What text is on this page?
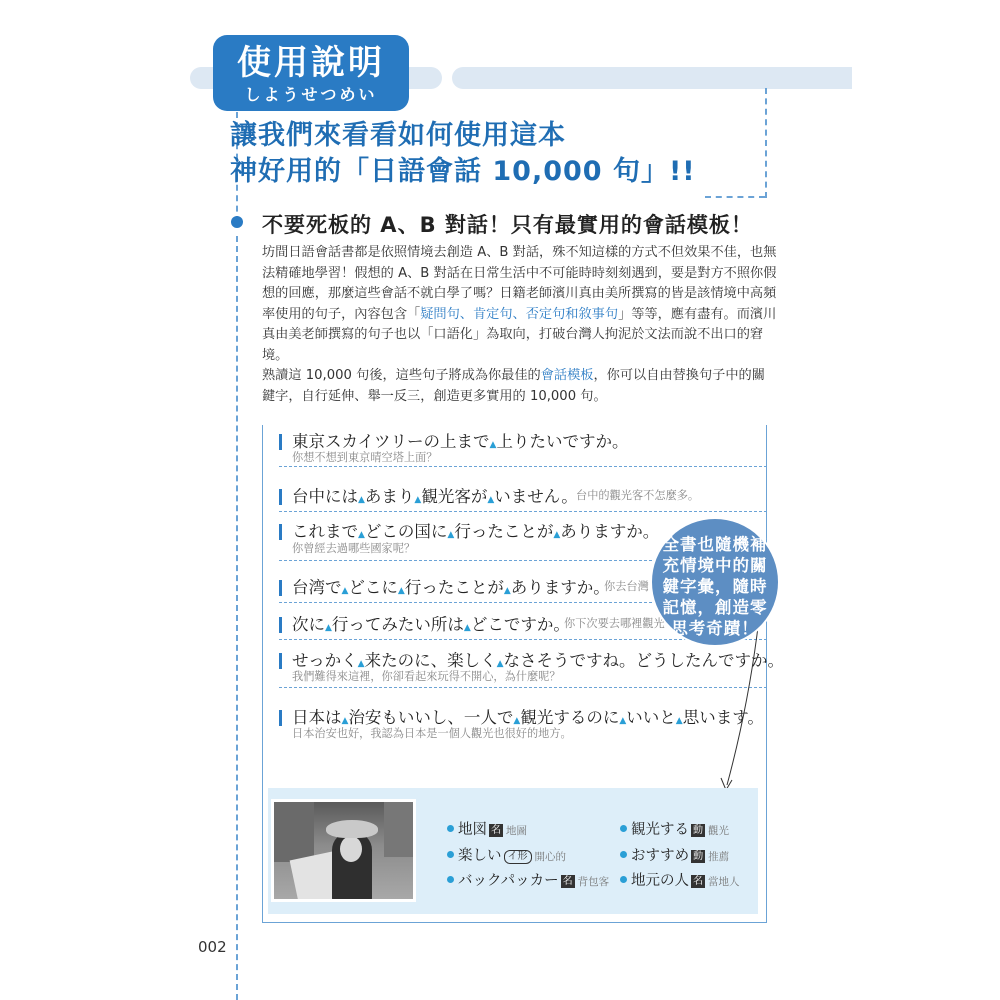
使用說明
しようせつめい
讓我們來看看如何使用這本
神好用的「日語會話 10,000 句」!!
不要死板的 A、B 對話！只有最實用的會話模板！

坊間日語會話書都是依照情境去創造 A、B 對話，殊不知這樣的方式不但效果不佳，也無法精確地學習！假想的 A、B 對話在日常生活中不可能時時刻刻遇到，要是對方不照你假想的回應，那麼這些會話不就白學了嗎？日籍老師濱川真由美所撰寫的皆是該情境中高頻率使用的句子，內容包含「疑問句、肯定句、否定句和敘事句」等等，應有盡有。而濱川真由美老師撰寫的句子也以「口語化」為取向，打破台灣人拘泥於文法而說不出口的窘境。

熟讀這 10,000 句後，這些句子將成為你最佳的會話模板，你可以自由替換句子中的關鍵字，自行延伸、舉一反三，創造更多實用的 10,000 句。

東京スカイツリーの上まで▲上りたいですか。
你想不想到東京晴空塔上面？
台中には▲あまり▲観光客が▲いません。
台中的觀光客不怎麼多。
これまで▲どこの国に▲行ったことが▲ありますか。
你曾經去過哪些國家呢？
台湾で▲どこに▲行ったことが▲ありますか。
你去台灣
次に▲行ってみたい所は▲どこですか。
你下次要去哪裡觀光
せっかく▲来たのに、楽しく▲なさそうですね。どうしたんですか。
我們難得來這裡，你卻看起來玩得不開心，為什麼呢？
日本は▲治安もいいし、一人で▲観光するのに▲いいと▲思います。
日本治安也好，我認為日本是一個人觀光也很好的地方。
全書也隨機補
充情境中的關
鍵字彙，隨時
記憶，創造零
思考奇蹟！
地図 名 地圖
楽しい イ形 開心的
バックパッカー 名 背包客
観光する 動 觀光
おすすめ 動 推薦
地元の人 名 當地人
002
